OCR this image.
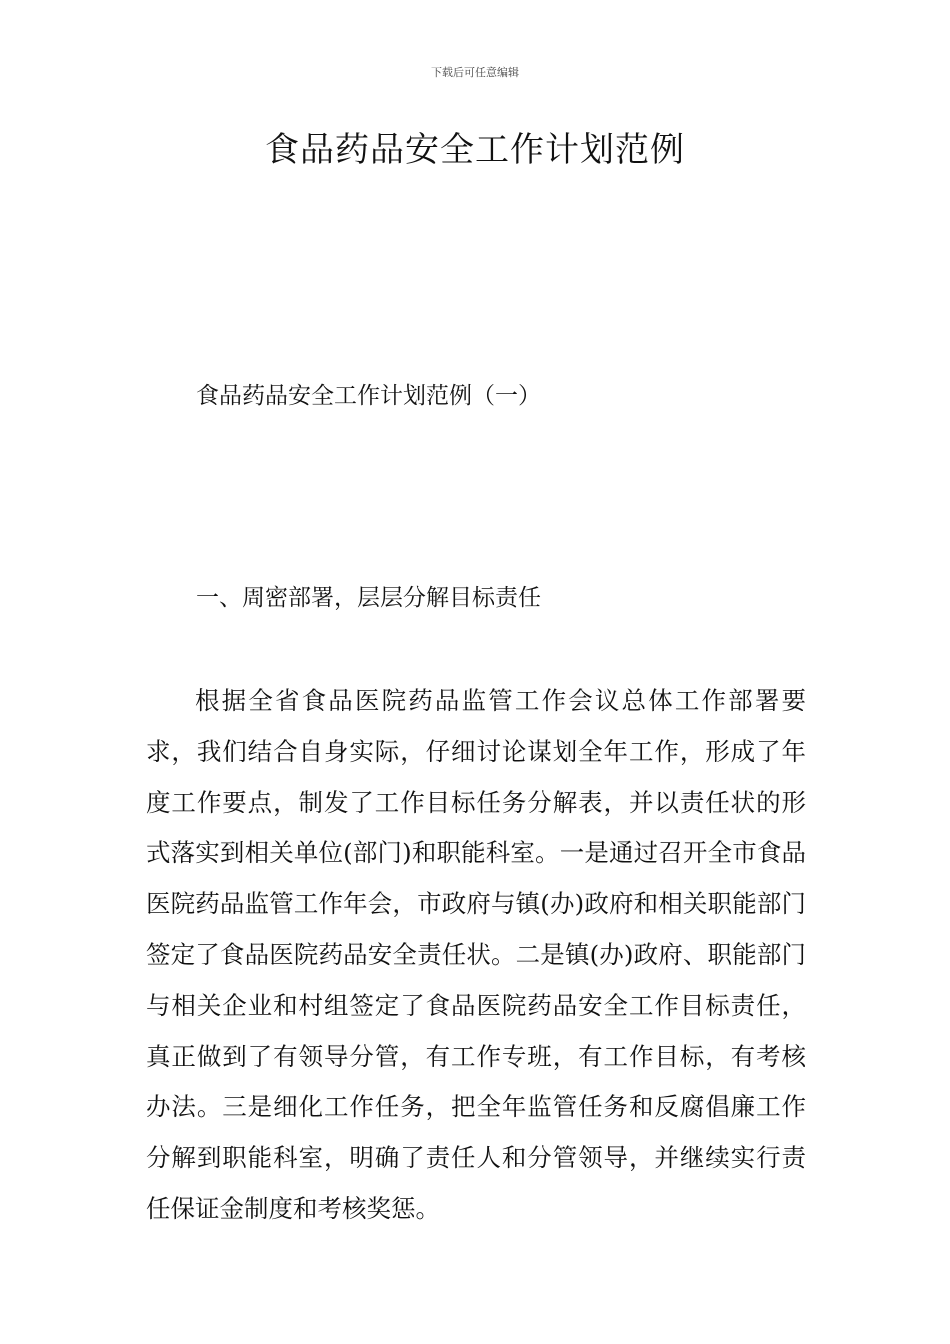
下载后可任意编辑
食品药品安全工作计划范例

食品药品安全工作计划范例（一）

一、周密部署，层层分解目标责任

根据全省食品医院药品监管工作会议总体工作部署要求，我们结合自身实际，仔细讨论谋划全年工作，形成了年度工作要点，制发了工作目标任务分解表，并以责任状的形式落实到相关单位(部门)和职能科室。一是通过召开全市食品医院药品监管工作年会，市政府与镇(办)政府和相关职能部门签定了食品医院药品安全责任状。二是镇(办)政府、职能部门与相关企业和村组签定了食品医院药品安全工作目标责任，真正做到了有领导分管，有工作专班，有工作目标，有考核办法。三是细化工作任务，把全年监管任务和反腐倡廉工作分解到职能科室，明确了责任人和分管领导，并继续实行责任保证金制度和考核奖惩。
